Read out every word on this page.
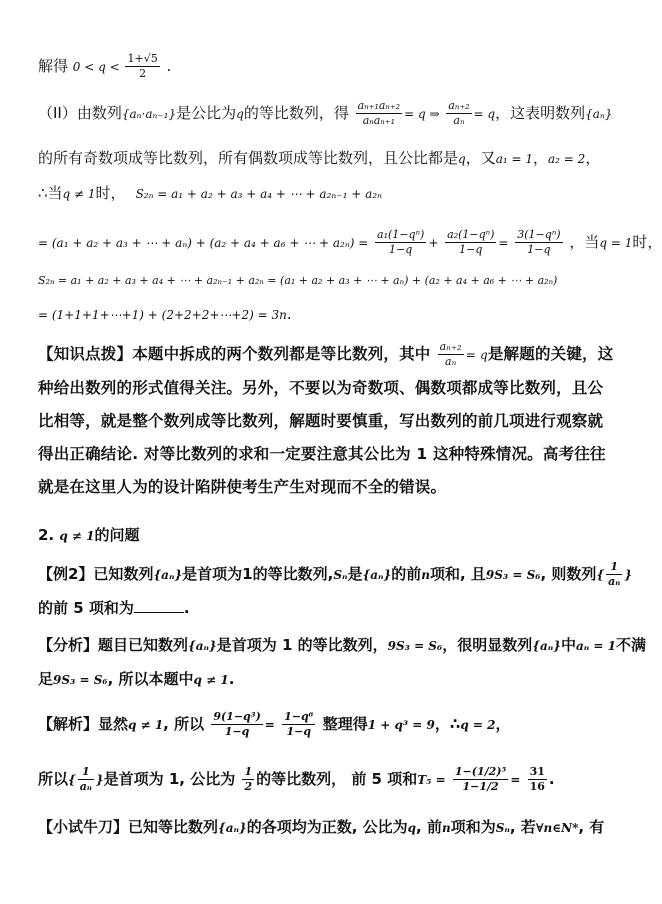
解得 $0 < q < \frac{1+√5}{2}$ .
（II）由数列{aₙ·aₙ₋₁}是公比为q的等比数列，得 $\frac{\text{aₙ₊₁aₙ₊₂}}{\text{aₙaₙ₊₁}} = q$ ⇒ $\frac{\text{aₙ₊₂}}{\text{aₙ}} = q$，这表明数列{aₙ}
的所有奇数项成等比数列，所有偶数项成等比数列，且公比都是q，又a₁ = 1，a₂ = 2，
∴当q ≠ 1时， S₂ₙ = a₁ + a₂ + a₃ + a₄ + ⋯ + a₂ₙ₋₁ + a₂ₙ
= (a₁ + a₂ + a₃ + ⋯ + aₙ) + (a₂ + a₄ + a₆ + ⋯ + $a_{2n}) = \frac{\text{a₁(1−qⁿ)}}{1-q} + \frac{\text{a₂(1−qⁿ)}}{1-q} = \frac{\text{3(1−qⁿ)}}{1-q}$ ，当q = 1时，
S₂ₙ = a₁ + a₂ + a₃ + a₄ + ⋯ + a₂ₙ₋₁ + a₂ₙ = (a₁ + a₂ + a₃ + ⋯ + aₙ) + (a₂ + a₄ + a₆ + ⋯ + a₂ₙ)
= (1+1+1+⋯+1) + (2+2+2+⋯+2) = 3n.
【知识点拨】本题中拆成的两个数列都是等比数列，其中 $\frac{\text{aₙ₊₂}}{\text{aₙ}} = q$是解题的关键，这种给出数列的形式值得关注。另外，不要以为奇数项、偶数项都成等比数列，且公比相等，就是整个数列成等比数列，解题时要慎重，写出数列的前几项进行观察就得出正确结论. 对等比数列的求和一定要注意其公比为 1 这种特殊情况。高考往往就是在这里人为的设计陷阱使考生产生对现而不全的错误。
2. q ≠ 1的问题
【例2】已知数列{aₙ}是首项为1的等比数列,Sₙ是{aₙ}的前n项和, 且9S₃ = S₆, 则数列{ $\frac{1}{\text{aₙ}}$ }
的前 5 项和为	.
【分析】题目已知数列{aₙ}是首项为 1 的等比数列，9S₃ = S₆，很明显数列{aₙ}中aₙ = 1不满
足9S₃ = S₆, 所以本题中q ≠ 1.
【解析】显然q ≠ 1, 所以 $\frac{\text{9(1−q³)}}{1-q} = \frac{\text{1−q⁶}}{1-q}$ 整理得1 + q³ = 9，∴q = 2，
所以{ $\frac{1}{\text{aₙ}}$ }是首项为 1, 公比为 $\frac{1}{2}$ 的等比数列， 前 5 项和$T_5 = \frac{\text{1−(1/2)⁵}}{1-1/2} = \frac{31}{16}$ .
【小试牛刀】已知等比数列{aₙ}的各项均为正数, 公比为q, 前n项和为Sₙ, 若∀n∈N*, 有
